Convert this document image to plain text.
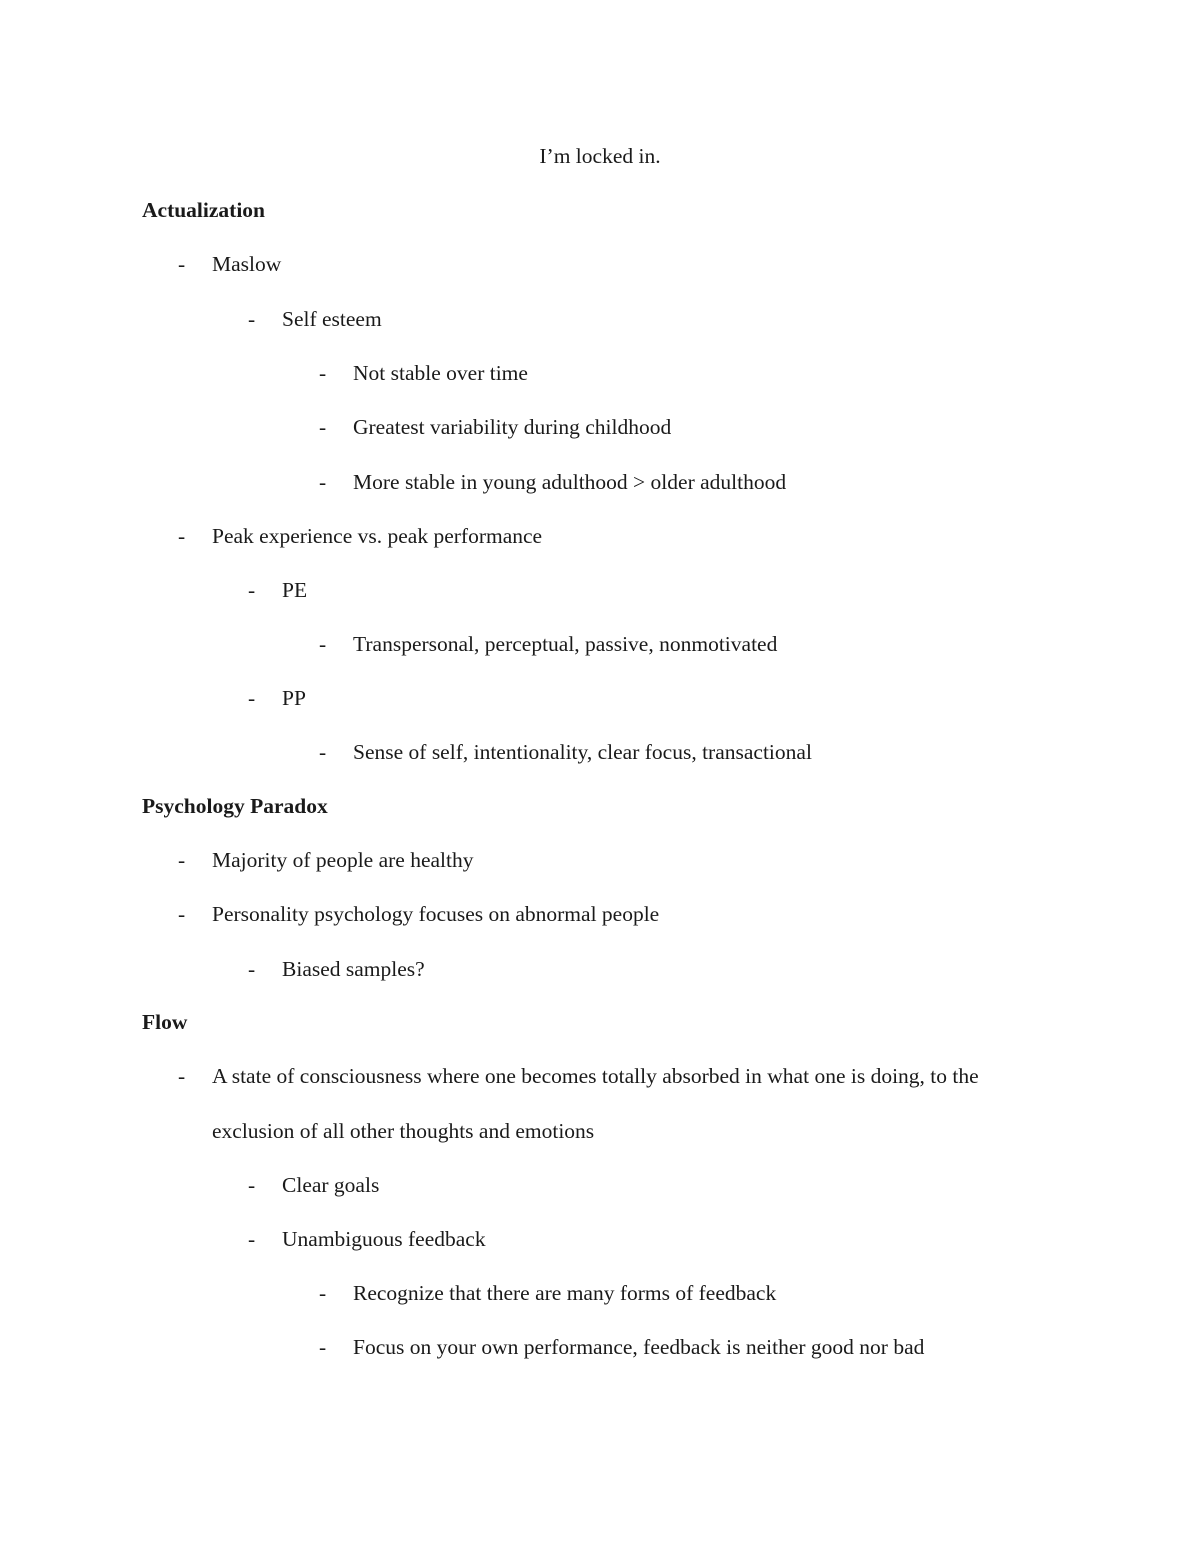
I’m locked in.
Actualization
- Maslow
- Self esteem
- Not stable over time
- Greatest variability during childhood
- More stable in young adulthood > older adulthood
- Peak experience vs. peak performance
- PE
- Transpersonal, perceptual, passive, nonmotivated
- PP
- Sense of self, intentionality, clear focus, transactional
Psychology Paradox
- Majority of people are healthy
- Personality psychology focuses on abnormal people
- Biased samples?
Flow
- A state of consciousness where one becomes totally absorbed in what one is doing, to the
exclusion of all other thoughts and emotions
- Clear goals
- Unambiguous feedback
- Recognize that there are many forms of feedback
- Focus on your own performance, feedback is neither good nor bad
